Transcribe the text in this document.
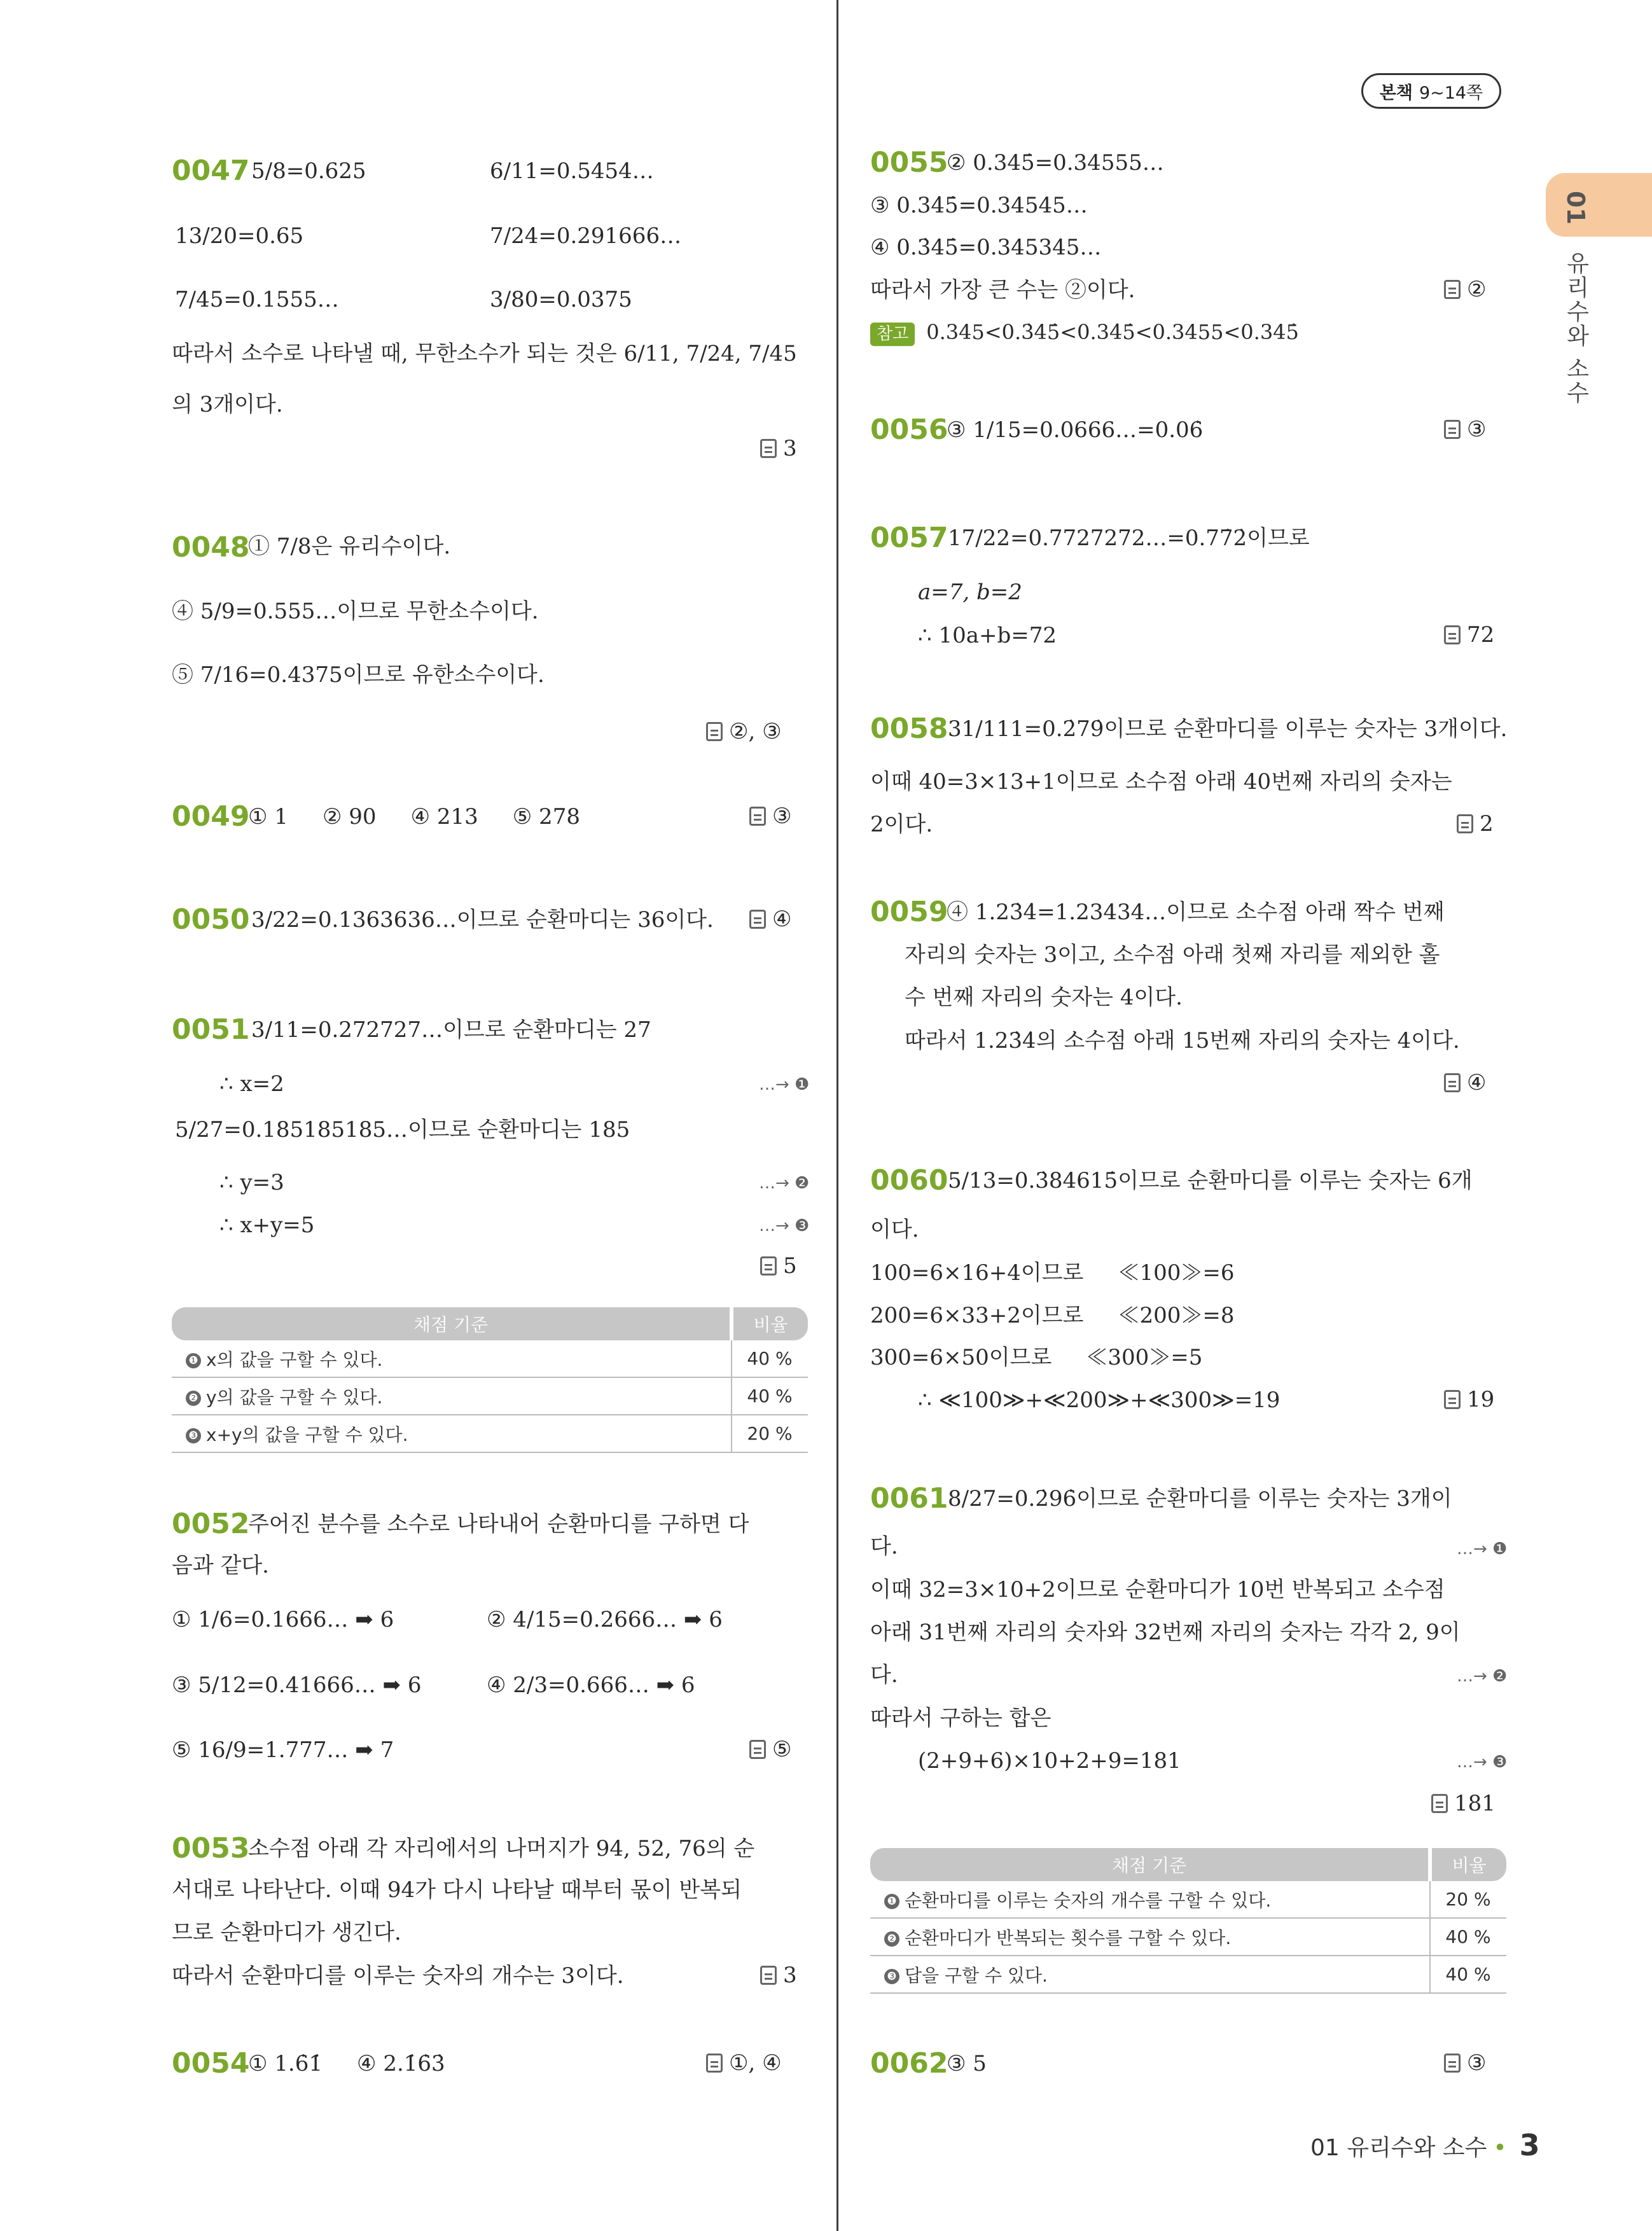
본책 9~14쪽
01
유리수와 소수
0047 5/8=0.625	6/11=0.5454…
13/20=0.65	7/24=0.291666…
7/45=0.1555…	3/80=0.0375
따라서 소수로 나타낼 때, 무한소수가 되는 것은 6/11, 7/24, 7/45
의 3개이다.
3
0048
① 7/8은 유리수이다.
④ 5/9=0.555…이므로 무한소수이다.
⑤ 7/16=0.4375이므로 유한소수이다.
②, ③
0049
① 1     ② 90     ④ 213     ⑤ 278	③
0050 3/22=0.1363636…이므로 순환마디는 36이다.	④
0051 3/11=0.272727…이므로 순환마디는 27
∴ x=2	…→ ❶
5/27=0.185185185…이므로 순환마디는 185
∴ y=3	…→ ❷
∴ x+y=5	…→ ❸
5
채점 기준	비율
❶ x의 값을 구할 수 있다.	40 %
❷ y의 값을 구할 수 있다.	40 %
❸ x+y의 값을 구할 수 있다.	20 %
0052
주어진 분수를 소수로 나타내어 순환마디를 구하면 다
음과 같다.
① 1/6=0.1666… ➡ 6	② 4/15=0.2666… ➡ 6
③ 5/12=0.41666… ➡ 6	④ 2/3=0.666… ➡ 6
⑤ 16/9=1.777… ➡ 7	⑤
0053
소수점 아래 각 자리에서의 나머지가 94, 52, 76의 순
서대로 나타난다. 이때 94가 다시 나타날 때부터 몫이 반복되
므로 순환마디가 생긴다.
따라서 순환마디를 이루는 숫자의 개수는 3이다.	3
0054
① 1.6̇1̇     ④ 2.1̇6̇3̇	①, ④
0055
② 0.345̇=0.34555…
③ 0.34̇5̇=0.34545…
④ 0.3̇45̇=0.345345…
따라서 가장 큰 수는 ②이다.	②
참고 0.345<0.3̇45̇<0.34̇5̇<0.3455<0.345̇
0056
③ 1/15=0.0666…=0.06̇	③
0057 17/22=0.7727272…=0.77̇2̇이므로
a=7, b=2
∴ 10a+b=72	72
0058 31/111=0.2̇79̇이므로 순환마디를 이루는 숫자는 3개이다.
이때 40=3×13+1이므로 소수점 아래 40번째 자리의 숫자는
2이다.	2
0059
④ 1.23̇4̇=1.23434…이므로 소수점 아래 짝수 번째
자리의 숫자는 3이고, 소수점 아래 첫째 자리를 제외한 홀
수 번째 자리의 숫자는 4이다.
따라서 1.23̇4̇의 소수점 아래 15번째 자리의 숫자는 4이다.
④
0060 5/13=0.3̇84615̇이므로 순환마디를 이루는 숫자는 6개
이다.
100=6×16+4이므로     ≪100≫=6
200=6×33+2이므로     ≪200≫=8
300=6×50이므로     ≪300≫=5
∴ ≪100≫+≪200≫+≪300≫=19	19
0061 8/27=0.2̇96̇이므로 순환마디를 이루는 숫자는 3개이
다.	…→ ❶
이때 32=3×10+2이므로 순환마디가 10번 반복되고 소수점
아래 31번째 자리의 숫자와 32번째 자리의 숫자는 각각 2, 9이
다.	…→ ❷
따라서 구하는 합은
(2+9+6)×10+2+9=181	…→ ❸
181
채점 기준	비율
❶ 순환마디를 이루는 숫자의 개수를 구할 수 있다.	20 %
❷ 순환마디가 반복되는 횟수를 구할 수 있다.	40 %
❸ 답을 구할 수 있다.	40 %
0062
③ 5	③
01 유리수와 소수 • 3
